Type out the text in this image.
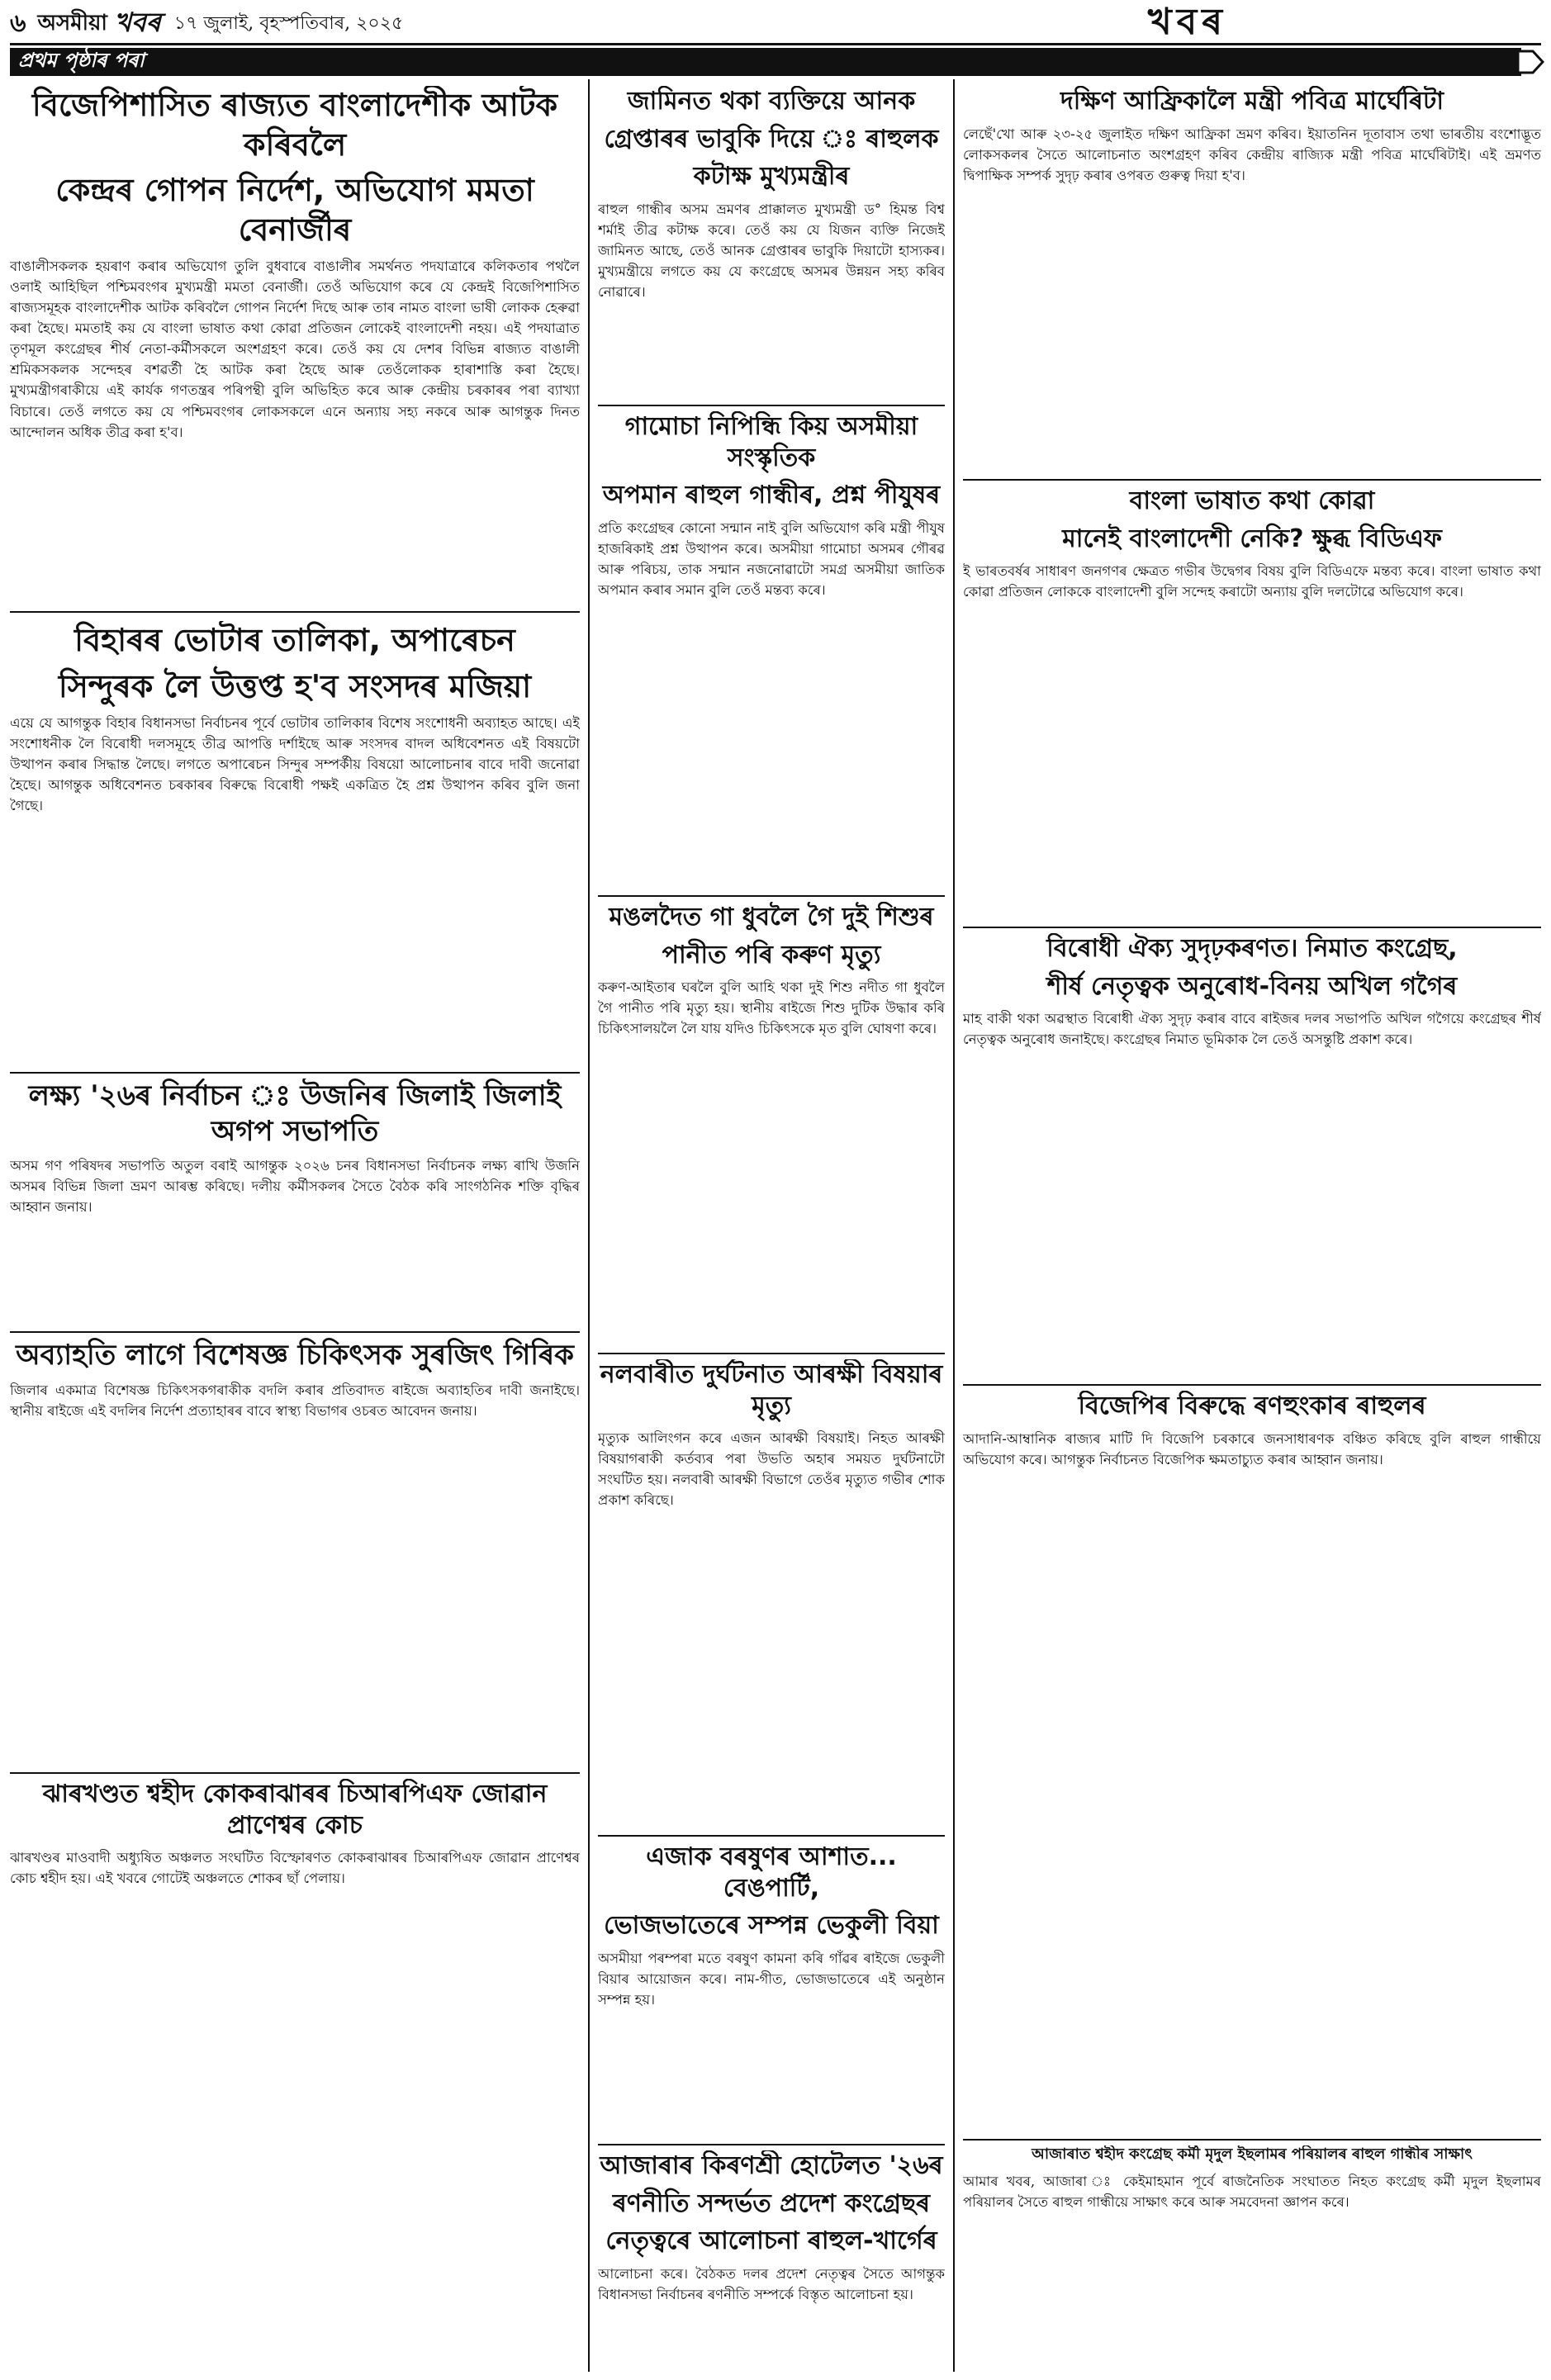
৬ অসমীয়া খবৰ ১৭ জুলাই, বৃহস্পতিবাৰ, ২০২৫	খবৰ
প্ৰথম পৃষ্ঠাৰ পৰা
বিজেপিশাসিত ৰাজ্যত বাংলাদেশীক আটক কৰিবলৈ
কেন্দ্ৰৰ গোপন নিৰ্দেশ, অভিযোগ মমতা বেনাৰ্জীৰ

বাঙালীসকলক হয়ৰাণ কৰাৰ অভিযোগ তুলি বুধবাৰে বাঙালীৰ সমৰ্থনত পদযাত্ৰাৰে কলিকতাৰ পথলৈ ওলাই আহিছিল পশ্চিমবংগৰ মুখ্যমন্ত্ৰী মমতা বেনাৰ্জী। তেওঁ অভিযোগ কৰে যে কেন্দ্ৰই বিজেপিশাসিত ৰাজ্যসমূহক বাংলাদেশীক আটক কৰিবলৈ গোপন নিৰ্দেশ দিছে আৰু তাৰ নামত বাংলা ভাষী লোকক হেৰুৱা কৰা হৈছে। মমতাই কয় যে বাংলা ভাষাত কথা কোৱা প্ৰতিজন লোকেই বাংলাদেশী নহয়। এই পদযাত্ৰাত তৃণমূল কংগ্ৰেছৰ শীৰ্ষ নেতা-কৰ্মীসকলে অংশগ্ৰহণ কৰে। তেওঁ কয় যে দেশৰ বিভিন্ন ৰাজ্যত বাঙালী শ্ৰমিকসকলক সন্দেহৰ বশৱৰ্তী হৈ আটক কৰা হৈছে আৰু তেওঁলোকক হাৰাশাস্তি কৰা হৈছে। মুখ্যমন্ত্ৰীগৰাকীয়ে এই কাৰ্যক গণতন্ত্ৰৰ পৰিপন্থী বুলি অভিহিত কৰে আৰু কেন্দ্ৰীয় চৰকাৰৰ পৰা ব্যাখ্যা বিচাৰে। তেওঁ লগতে কয় যে পশ্চিমবংগৰ লোকসকলে এনে অন্যায় সহ্য নকৰে আৰু আগন্তুক দিনত আন্দোলন অধিক তীব্ৰ কৰা হ'ব।

বিহাৰৰ ভোটাৰ তালিকা, অপাৰেচন
সিন্দুৰক লৈ উত্তপ্ত হ'ব সংসদৰ মজিয়া

এয়ে যে আগন্তুক বিহাৰ বিধানসভা নিৰ্বাচনৰ পূৰ্বে ভোটাৰ তালিকাৰ বিশেষ সংশোধনী অব্যাহত আছে। এই সংশোধনীক লৈ বিৰোধী দলসমূহে তীব্ৰ আপত্তি দৰ্শাইছে আৰু সংসদৰ বাদল অধিবেশনত এই বিষয়টো উত্থাপন কৰাৰ সিদ্ধান্ত লৈছে। লগতে অপাৰেচন সিন্দুৰ সম্পৰ্কীয় বিষয়ো আলোচনাৰ বাবে দাবী জনোৱা হৈছে। আগন্তুক অধিবেশনত চৰকাৰৰ বিৰুদ্ধে বিৰোধী পক্ষই একত্ৰিত হৈ প্ৰশ্ন উত্থাপন কৰিব বুলি জনা গৈছে।

লক্ষ্য '২৬ৰ নিৰ্বাচন ঃ উজনিৰ জিলাই জিলাই অগপ সভাপতি

অসম গণ পৰিষদৰ সভাপতি অতুল বৰাই আগন্তুক ২০২৬ চনৰ বিধানসভা নিৰ্বাচনক লক্ষ্য ৰাখি উজনি অসমৰ বিভিন্ন জিলা ভ্ৰমণ আৰম্ভ কৰিছে। দলীয় কৰ্মীসকলৰ সৈতে বৈঠক কৰি সাংগঠনিক শক্তি বৃদ্ধিৰ আহ্বান জনায়।

অব্যাহতি লাগে বিশেষজ্ঞ চিকিৎসক সুৰজিৎ গিৰিক

জিলাৰ একমাত্ৰ বিশেষজ্ঞ চিকিৎসকগৰাকীক বদলি কৰাৰ প্ৰতিবাদত ৰাইজে অব্যাহতিৰ দাবী জনাইছে। স্থানীয় ৰাইজে এই বদলিৰ নিৰ্দেশ প্ৰত্যাহাৰৰ বাবে স্বাস্থ্য বিভাগৰ ওচৰত আবেদন জনায়।

ঝাৰখণ্ডত শ্বহীদ কোকৰাঝাৰৰ চিআৰপিএফ জোৱান প্ৰাণেশ্বৰ কোচ

ঝাৰখণ্ডৰ মাওবাদী অধ্যুষিত অঞ্চলত সংঘটিত বিস্ফোৰণত কোকৰাঝাৰৰ চিআৰপিএফ জোৱান প্ৰাণেশ্বৰ কোচ শ্বহীদ হয়। এই খবৰে গোটেই অঞ্চলতে শোকৰ ছাঁ পেলায়।

জামিনত থকা ব্যক্তিয়ে আনক
গ্ৰেপ্তাৰৰ ভাবুকি দিয়ে ঃ ৰাহুলক
কটাক্ষ মুখ্যমন্ত্ৰীৰ

ৰাহুল গান্ধীৰ অসম ভ্ৰমণৰ প্ৰাক্কালত মুখ্যমন্ত্ৰী ড° হিমন্ত বিশ্ব শৰ্মাই তীব্ৰ কটাক্ষ কৰে। তেওঁ কয় যে যিজন ব্যক্তি নিজেই জামিনত আছে, তেওঁ আনক গ্ৰেপ্তাৰৰ ভাবুকি দিয়াটো হাস্যকৰ। মুখ্যমন্ত্ৰীয়ে লগতে কয় যে কংগ্ৰেছে অসমৰ উন্নয়ন সহ্য কৰিব নোৱাৰে।

গামোচা নিপিন্ধি কিয় অসমীয়া সংস্কৃতিক
অপমান ৰাহুল গান্ধীৰ, প্ৰশ্ন পীযুষৰ

প্ৰতি কংগ্ৰেছৰ কোনো সন্মান নাই বুলি অভিযোগ কৰি মন্ত্ৰী পীযুষ হাজৰিকাই প্ৰশ্ন উত্থাপন কৰে। অসমীয়া গামোচা অসমৰ গৌৰৱ আৰু পৰিচয়, তাক সন্মান নজনোৱাটো সমগ্ৰ অসমীয়া জাতিক অপমান কৰাৰ সমান বুলি তেওঁ মন্তব্য কৰে।

মঙলদৈত গা ধুবলৈ গৈ দুই শিশুৰ
পানীত পৰি কৰুণ মৃত্যু

কৰুণ-আইতাৰ ঘৰলৈ বুলি আহি থকা দুই শিশু নদীত গা ধুবলৈ গৈ পানীত পৰি মৃত্যু হয়। স্থানীয় ৰাইজে শিশু দুটিক উদ্ধাৰ কৰি চিকিৎসালয়লৈ লৈ যায় যদিও চিকিৎসকে মৃত বুলি ঘোষণা কৰে।

নলবাৰীত দুৰ্ঘটনাত আৰক্ষী বিষয়াৰ মৃত্যু

মৃত্যুক আলিংগন কৰে এজন আৰক্ষী বিষয়াই। নিহত আৰক্ষী বিষয়াগৰাকী কৰ্তব্যৰ পৰা উভতি অহাৰ সময়ত দুৰ্ঘটনাটো সংঘটিত হয়। নলবাৰী আৰক্ষী বিভাগে তেওঁৰ মৃত্যুত গভীৰ শোক প্ৰকাশ কৰিছে।

এজাক বৰষুণৰ আশাত... বেঙপাৰ্টি,
ভোজভাতেৰে সম্পন্ন ভেকুলী বিয়া

অসমীয়া পৰম্পৰা মতে বৰষুণ কামনা কৰি গাঁৱৰ ৰাইজে ভেকুলী বিয়াৰ আয়োজন কৰে। নাম-গীত, ভোজভাতেৰে এই অনুষ্ঠান সম্পন্ন হয়।

আজাৰাৰ কিৰণশ্ৰী হোটেলত '২৬ৰ
ৰণনীতি সন্দৰ্ভত প্ৰদেশ কংগ্ৰেছৰ
নেতৃত্বৰে আলোচনা ৰাহুল-খাৰ্গেৰ

আলোচনা কৰে। বৈঠকত দলৰ প্ৰদেশ নেতৃত্বৰ সৈতে আগন্তুক বিধানসভা নিৰ্বাচনৰ ৰণনীতি সম্পৰ্কে বিস্তৃত আলোচনা হয়।

দক্ষিণ আফ্ৰিকালৈ মন্ত্ৰী পবিত্ৰ মাৰ্ঘেৰিটা

লেছেঁ'খো আৰু ২৩-২৫ জুলাইত দক্ষিণ আফ্ৰিকা ভ্ৰমণ কৰিব। ইয়াতনিন দূতাবাস তথা ভাৰতীয় বংশোদ্ভূত লোকসকলৰ সৈতে আলোচনাত অংশগ্ৰহণ কৰিব কেন্দ্ৰীয় ৰাজ্যিক মন্ত্ৰী পবিত্ৰ মাৰ্ঘেৰিটাই। এই ভ্ৰমণত দ্বিপাক্ষিক সম্পৰ্ক সুদৃঢ় কৰাৰ ওপৰত গুৰুত্ব দিয়া হ'ব।

বাংলা ভাষাত কথা কোৱা
মানেই বাংলাদেশী নেকি? ক্ষুব্ধ বিডিএফ

ই ভাৰতবৰ্ষৰ সাধাৰণ জনগণৰ ক্ষেত্ৰত গভীৰ উদ্বেগৰ বিষয় বুলি বিডিএফে মন্তব্য কৰে। বাংলা ভাষাত কথা কোৱা প্ৰতিজন লোককে বাংলাদেশী বুলি সন্দেহ কৰাটো অন্যায় বুলি দলটোৱে অভিযোগ কৰে।

বিৰোধী ঐক্য সুদৃঢ়কৰণত। নিমাত কংগ্ৰেছ,
শীৰ্ষ নেতৃত্বক অনুৰোধ-বিনয় অখিল গগৈৰ

মাহ বাকী থকা অৱস্থাত বিৰোধী ঐক্য সুদৃঢ় কৰাৰ বাবে ৰাইজৰ দলৰ সভাপতি অখিল গগৈয়ে কংগ্ৰেছৰ শীৰ্ষ নেতৃত্বক অনুৰোধ জনাইছে। কংগ্ৰেছৰ নিমাত ভূমিকাক লৈ তেওঁ অসন্তুষ্টি প্ৰকাশ কৰে।

বিজেপিৰ বিৰুদ্ধে ৰণহুংকাৰ ৰাহুলৰ

আদানি-আম্বানিক ৰাজ্যৰ মাটি দি বিজেপি চৰকাৰে জনসাধাৰণক বঞ্চিত কৰিছে বুলি ৰাহুল গান্ধীয়ে অভিযোগ কৰে। আগন্তুক নিৰ্বাচনত বিজেপিক ক্ষমতাচ্যুত কৰাৰ আহ্বান জনায়।

আজাৰাত শ্বহীদ কংগ্ৰেছ কৰ্মী মৃদুল ইছলামৰ পৰিয়ালৰ ৰাহুল গান্ধীৰ সাক্ষাৎ

আমাৰ খবৰ, আজাৰা ঃ কেইমাহমান পূৰ্বে ৰাজনৈতিক সংঘাতত নিহত কংগ্ৰেছ কৰ্মী মৃদুল ইছলামৰ পৰিয়ালৰ সৈতে ৰাহুল গান্ধীয়ে সাক্ষাৎ কৰে আৰু সমবেদনা জ্ঞাপন কৰে।
